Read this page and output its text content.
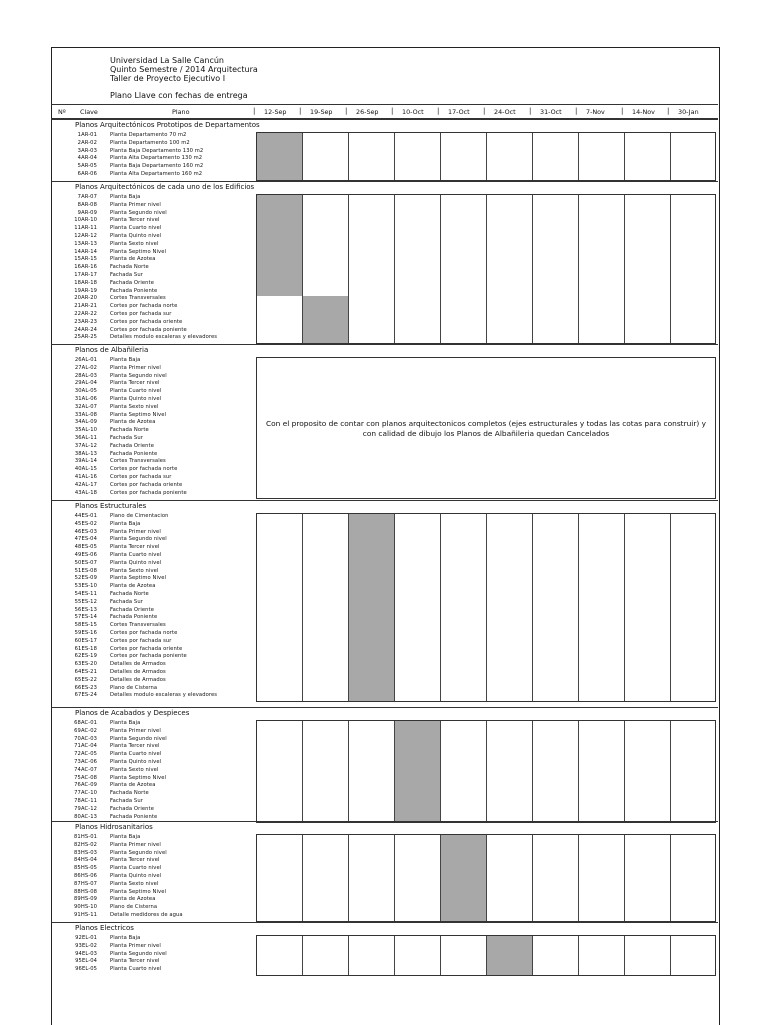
Universidad La Salle Cancún
Quinto Semestre / 2014 Arquitectura
Taller de Proyecto Ejecutivo I
Plano Llave con fechas de entrega
Nº Clave	Plano	| 12-Sep | 19-Sep | 26-Sep | 10-Oct | 17-Oct | 24-Oct | 31-Oct | 7-Nov | 14-Nov | 30-Jan
Planos Arquitectónicos Prototipos de Departamentos
1AR-01	Planta Departamento 70 m2
2AR-02	Planta Departamento 100 m2
3AR-03	Planta Baja Departamento 130 m2
4AR-04	Planta Alta Departamento 130 m2
5AR-05	Planta Baja Departamento 160 m2
6AR-06	Planta Alta Departamento 160 m2
Planos Arquitectónicos de cada uno de los Edificios
7AR-07	Planta Baja
8AR-08	Planta Primer nivel
9AR-09	Planta Segundo nivel
10AR-10	Planta Tercer nivel
11AR-11	Planta Cuarto nivel
12AR-12	Planta Quinto nivel
13AR-13	Planta Sexto nivel
14AR-14	Planta Septimo Nivel
15AR-15	Planta de Azotea
16AR-16	Fachada Norte
17AR-17	Fachada Sur
18AR-18	Fachada Oriente
19AR-19	Fachada Poniente
20AR-20	Cortes Transversales
21AR-21	Cortes por fachada norte
22AR-22	Cortes por fachada sur
23AR-23	Cortes por fachada oriente
24AR-24	Cortes por fachada poniente
25AR-25	Detalles modulo escaleras y elevadores
Planos de Albañileria
Con el proposito de contar con planos arquitectonicos completos (ejes estructurales y todas las cotas para construir) y con calidad de dibujo los Planos de Albañileria quedan Cancelados
26AL-01	Planta Baja
27AL-02	Planta Primer nivel
28AL-03	Planta Segundo nivel
29AL-04	Planta Tercer nivel
30AL-05	Planta Cuarto nivel
31AL-06	Planta Quinto nivel
32AL-07	Planta Sexto nivel
33AL-08	Planta Septimo Nivel
34AL-09	Planta de Azotea
35AL-10	Fachada Norte
36AL-11	Fachada Sur
37AL-12	Fachada Oriente
38AL-13	Fachada Poniente
39AL-14	Cortes Transversales
40AL-15	Cortes por fachada norte
41AL-16	Cortes por fachada sur
42AL-17	Cortes por fachada oriente
43AL-18	Cortes por fachada poniente
Planos Estructurales
44ES-01	Plano de Cimentacion
45ES-02	Planta Baja
46ES-03	Planta Primer nivel
47ES-04	Planta Segundo nivel
48ES-05	Planta Tercer nivel
49ES-06	Planta Cuarto nivel
50ES-07	Planta Quinto nivel
51ES-08	Planta Sexto nivel
52ES-09	Planta Septimo Nivel
53ES-10	Planta de Azotea
54ES-11	Fachada Norte
55ES-12	Fachada Sur
56ES-13	Fachada Oriente
57ES-14	Fachada Poniente
58ES-15	Cortes Transversales
59ES-16	Cortes por fachada norte
60ES-17	Cortes por fachada sur
61ES-18	Cortes por fachada oriente
62ES-19	Cortes por fachada poniente
63ES-20	Detalles de Armados
64ES-21	Detalles de Armados
65ES-22	Detalles de Armados
66ES-23	Plano de Cisterna
67ES-24	Detalles modulo escaleras y elevadores
Planos de Acabados y Despieces
68AC-01	Planta Baja
69AC-02	Planta Primer nivel
70AC-03	Planta Segundo nivel
71AC-04	Planta Tercer nivel
72AC-05	Planta Cuarto nivel
73AC-06	Planta Quinto nivel
74AC-07	Planta Sexto nivel
75AC-08	Planta Septimo Nivel
76AC-09	Planta de Azotea
77AC-10	Fachada Norte
78AC-11	Fachada Sur
79AC-12	Fachada Oriente
80AC-13	Fachada Poniente
Planos Hidrosanitarios
81HS-01	Planta Baja
82HS-02	Planta Primer nivel
83HS-03	Planta Segundo nivel
84HS-04	Planta Tercer nivel
85HS-05	Planta Cuarto nivel
86HS-06	Planta Quinto nivel
87HS-07	Planta Sexto nivel
88HS-08	Planta Septimo Nivel
89HS-09	Planta de Azotea
90HS-10	Plano de Cisterna
91HS-11	Detalle medidores de agua
Planos Electricos
92EL-01	Planta Baja
93EL-02	Planta Primer nivel
94EL-03	Planta Segundo nivel
95EL-04	Planta Tercer nivel
96EL-05	Planta Cuarto nivel
